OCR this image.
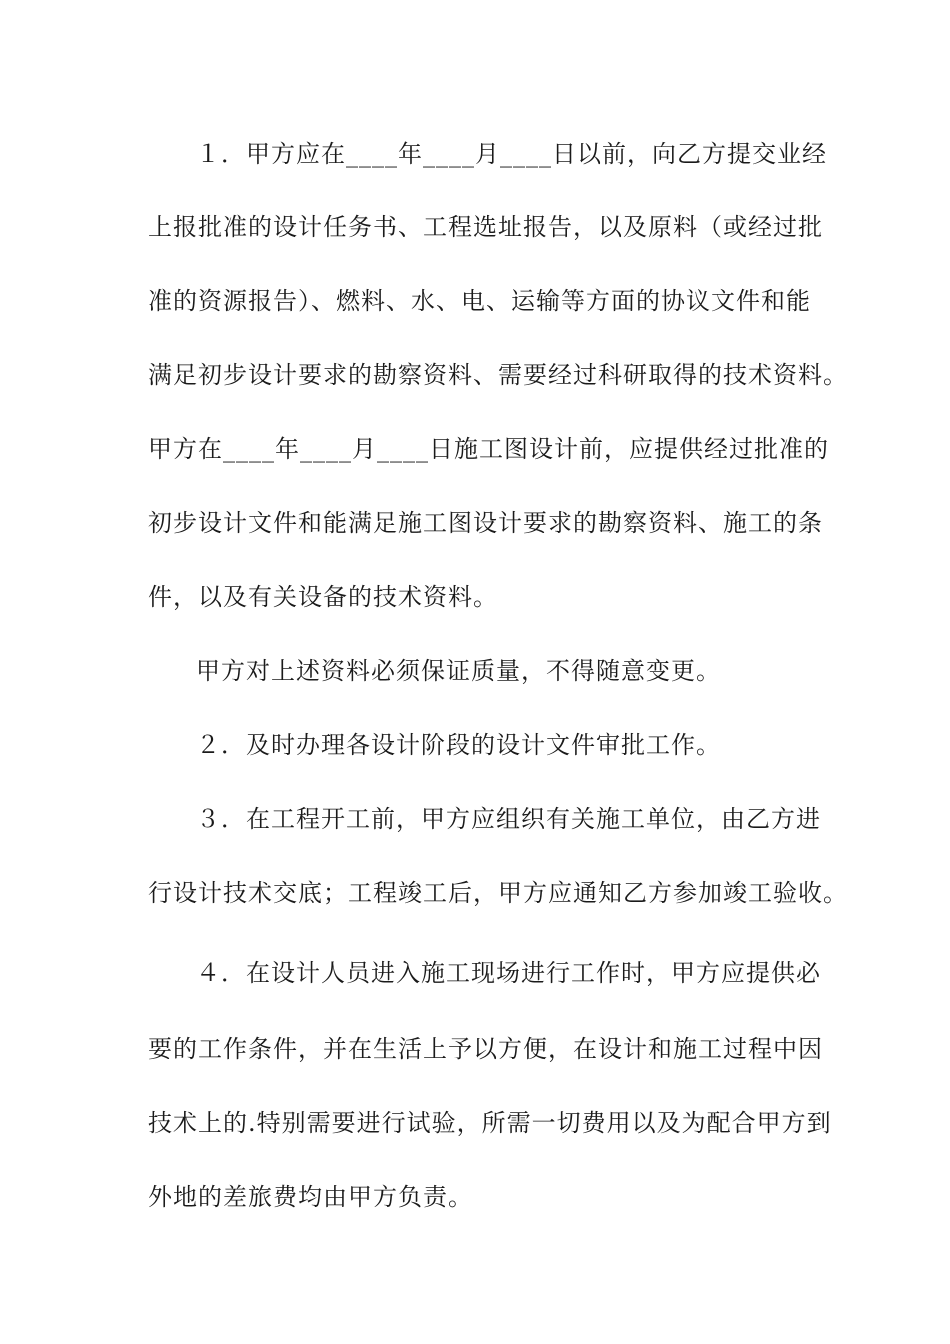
１．甲方应在____年____月____日以前，向乙方提交业经
上报批准的设计任务书、工程选址报告，以及原料（或经过批
准的资源报告）、燃料、水、电、运输等方面的协议文件和能
满足初步设计要求的勘察资料、需要经过科研取得的技术资料。
甲方在____年____月____日施工图设计前，应提供经过批准的
初步设计文件和能满足施工图设计要求的勘察资料、施工的条
件，以及有关设备的技术资料。
甲方对上述资料必须保证质量，不得随意变更。
２．及时办理各设计阶段的设计文件审批工作。
３．在工程开工前，甲方应组织有关施工单位，由乙方进
行设计技术交底；工程竣工后，甲方应通知乙方参加竣工验收。
４．在设计人员进入施工现场进行工作时，甲方应提供必
要的工作条件，并在生活上予以方便，在设计和施工过程中因
技术上的.特别需要进行试验，所需一切费用以及为配合甲方到
外地的差旅费均由甲方负责。
